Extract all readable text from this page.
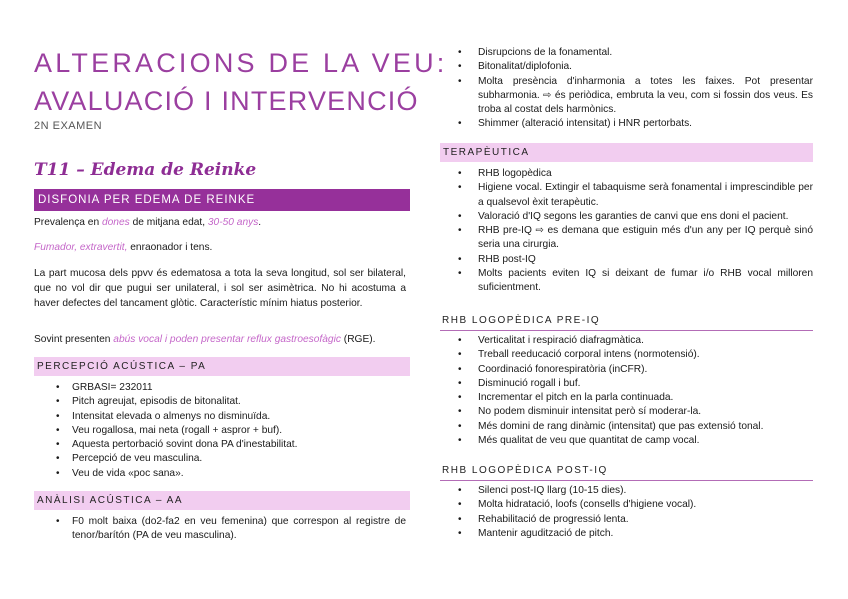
ALTERACIONS DE LA VEU:
AVALUACIÓ I INTERVENCIÓ
2N EXAMEN
T11 – Edema de Reinke
DISFONIA PER EDEMA DE REINKE

Prevalença en dones de mitjana edat, 30-50 anys.

Fumador, extravertit, enraonador i tens.

La part mucosa dels ppvv és edematosa a tota la seva longitud, sol ser bilateral, que no vol dir que pugui ser unilateral, i sol ser asimètrica. No hi acostuma a haver defectes del tancament glòtic. Característic mínim hiatus posterior.

Sovint presenten abús vocal i poden presentar reflux gastroesofàgic (RGE).

PERCEPCIÓ ACÚSTICA – PA
• GRBASI= 232011
• Pitch agreujat, episodis de bitonalitat.
• Intensitat elevada o almenys no disminuïda.
• Veu rogallosa, mai neta (rogall + aspror + buf).
• Aquesta pertorbació sovint dona PA d'inestabilitat.
• Percepció de veu masculina.
• Veu de vida «poc sana».
ANÀLISI ACÚSTICA – AA
• F0 molt baixa (do2-fa2 en veu femenina) que correspon al registre de tenor/barítón (PA de veu masculina).
• Disrupcions de la fonamental.
• Bitonalitat/diplofonia.
• Molta presència d'inharmonia a totes les faixes. Pot presentar subharmonia. ⇨ és periòdica, embruta la veu, com si fossin dos veus. Es troba al costat dels harmònics.
• Shimmer (alteració intensitat) i HNR pertorbats.
TERAPÈUTICA
• RHB logopèdica
• Higiene vocal. Extingir el tabaquisme serà fonamental i imprescindible per a qualsevol èxit terapèutic.
• Valoració d'IQ segons les garanties de canvi que ens doni el pacient.
• RHB pre-IQ ⇨ es demana que estiguin més d'un any per IQ perquè sinó seria una cirurgia.
• RHB post-IQ
• Molts pacients eviten IQ si deixant de fumar i/o RHB vocal milloren suficientment.
RHB LOGOPÈDICA PRE-IQ
• Verticalitat i respiració diafragmàtica.
• Treball reeducació corporal intens (normotensió).
• Coordinació fonorespiratòria (inCFR).
• Disminució rogall i buf.
• Incrementar el pitch en la parla continuada.
• No podem disminuir intensitat però sí moderar-la.
• Més domini de rang dinàmic (intensitat) que pas extensió tonal.
• Més qualitat de veu que quantitat de camp vocal.
RHB LOGOPÈDICA POST-IQ
• Silenci post-IQ llarg (10-15 dies).
• Molta hidratació, loofs (consells d'higiene vocal).
• Rehabilitació de progressió lenta.
• Mantenir agudització de pitch.
